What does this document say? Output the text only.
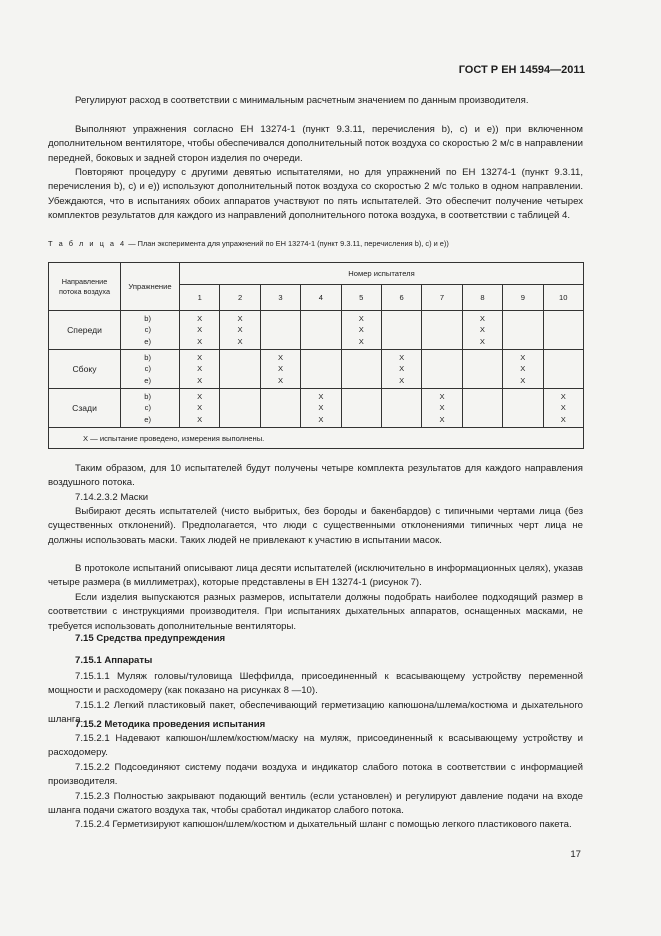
ГОСТ Р ЕН 14594—2011
Регулируют расход в соответствии с минимальным расчетным значением по данным производителя.
Выполняют упражнения согласно ЕН 13274-1 (пункт 9.3.11, перечисления b), с) и е)) при включенном дополнительном вентиляторе, чтобы обеспечивался дополнительный поток воздуха со скоростью 2 м/с в направлении передней, боковых и задней сторон изделия по очереди.
Повторяют процедуру с другими девятью испытателями, но для упражнений по ЕН 13274-1 (пункт 9.3.11, перечисления b), с) и е)) используют дополнительный поток воздуха со скоростью 2 м/с только в одном направлении. Убеждаются, что в испытаниях обоих аппаратов участвуют по пять испытателей. Это обеспечит получение четырех комплектов результатов для каждого из направлений дополнительного потока воздуха, в соответствии с таблицей 4.
Т а б л и ц а 4 — План эксперимента для упражнений по ЕН 13274-1 (пункт 9.3.11, перечисления b), с) и е))
Направление потока воздуха	Упражнение	Номер испытателя									
		1	2	3	4	5	6	7	8	9	10
Спереди	b)
с)
е)	X
X
X	X
X
X			X
X
X			X
X
X		
Сбоку	b)
с)
е)	X
X
X		X
X
X			X
X
X			X
X
X	
Сзади	b)
с)
е)	X
X
X			X
X
X			X
X
X			X
X
X
X — испытание проведено, измерения выполнены.											
Таким образом, для 10 испытателей будут получены четыре комплекта результатов для каждого направления воздушного потока.
7.14.2.3.2 Маски
Выбирают десять испытателей (чисто выбритых, без бороды и бакенбардов) с типичными чертами лица (без существенных отклонений). Предполагается, что люди с существенными отклонениями типичных черт лица не должны использовать маски. Таких людей не привлекают к участию в испытании масок.
В протоколе испытаний описывают лица десяти испытателей (исключительно в информационных целях), указав четыре размера (в миллиметрах), которые представлены в ЕН 13274-1 (рисунок 7).
Если изделия выпускаются разных размеров, испытатели должны подобрать наиболее подходящий размер в соответствии с инструкциями производителя. При испытаниях дыхательных аппаратов, оснащенных масками, не требуется использовать дополнительные вентиляторы.
7.15 Средства предупреждения
7.15.1 Аппараты
7.15.1.1 Муляж головы/туловища Шеффилда, присоединенный к всасывающему устройству переменной мощности и расходомеру (как показано на рисунках 8 —10).
7.15.1.2 Легкий пластиковый пакет, обеспечивающий герметизацию капюшона/шлема/костюма и дыхательного шланга.
7.15.2 Методика проведения испытания
7.15.2.1 Надевают капюшон/шлем/костюм/маску на муляж, присоединенный к всасывающему устройству и расходомеру.
7.15.2.2 Подсоединяют систему подачи воздуха и индикатор слабого потока в соответствии с информацией производителя.
7.15.2.3 Полностью закрывают подающий вентиль (если установлен) и регулируют давление подачи на входе шланга подачи сжатого воздуха так, чтобы сработал индикатор слабого потока.
7.15.2.4 Герметизируют капюшон/шлем/костюм и дыхательный шланг с помощью легкого пластикового пакета.
17
